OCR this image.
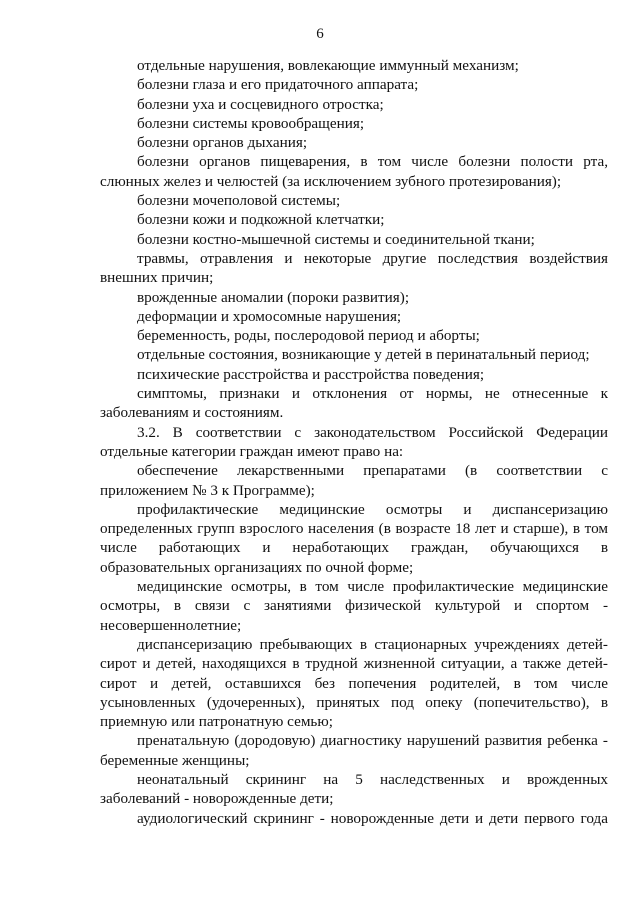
6

отдельные нарушения, вовлекающие иммунный механизм;

болезни глаза и его придаточного аппарата;

болезни уха и сосцевидного отростка;

болезни системы кровообращения;

болезни органов дыхания;

болезни органов пищеварения, в том числе болезни полости рта, слюнных желез и челюстей (за исключением зубного протезирования);

болезни мочеполовой системы;

болезни кожи и подкожной клетчатки;

болезни костно-мышечной системы и соединительной ткани;

травмы, отравления и некоторые другие последствия воздействия внешних причин;

врожденные аномалии (пороки развития);

деформации и хромосомные нарушения;

беременность, роды, послеродовой период и аборты;

отдельные состояния, возникающие у детей в перинатальный период;

психические расстройства и расстройства поведения;

симптомы, признаки и отклонения от нормы, не отнесенные к заболеваниям и состояниям.

3.2. В соответствии с законодательством Российской Федерации отдельные категории граждан имеют право на:

обеспечение лекарственными препаратами (в соответствии с приложением № 3 к Программе);

профилактические медицинские осмотры и диспансеризацию определенных групп взрослого населения (в возрасте 18 лет и старше), в том числе работающих и неработающих граждан, обучающихся в образовательных организациях по очной форме;

медицинские осмотры, в том числе профилактические медицинские осмотры, в связи с занятиями физической культурой и спортом - несовершеннолетние;

диспансеризацию пребывающих в стационарных учреждениях детей-сирот и детей, находящихся в трудной жизненной ситуации, а также детей-сирот и детей, оставшихся без попечения родителей, в том числе усыновленных (удочеренных), принятых под опеку (попечительство), в приемную или патронатную семью;

пренатальную (дородовую) диагностику нарушений развития ребенка - беременные женщины;

неонатальный скрининг на 5 наследственных и врожденных заболеваний - новорожденные дети;

аудиологический скрининг - новорожденные дети и дети первого года
